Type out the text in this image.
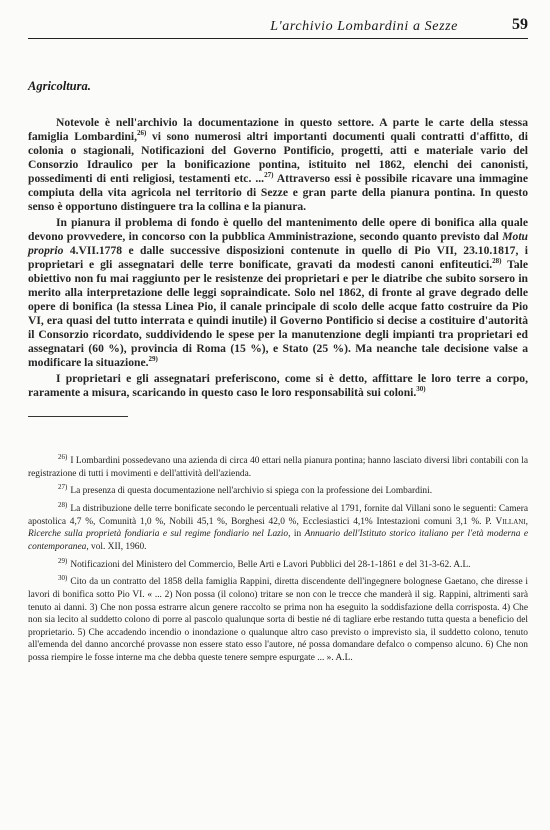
L'archivio Lombardini a Sezze	59
Agricoltura.

Notevole è nell'archivio la documentazione in questo settore. A parte le carte della stessa famiglia Lombardini,$^{26)}$ vi sono numerosi altri importanti documenti quali contratti d'affitto, di colonia o stagionali, Notificazioni del Governo Pontificio, progetti, atti e materiale vario del Consorzio Idraulico per la bonificazione pontina, istituito nel 1862, elenchi dei canonisti, possedimenti di enti religiosi, testamenti etc. ...$^{27)}$ Attraverso essi è possibile ricavare una immagine compiuta della vita agricola nel territorio di Sezze e gran parte della pianura pontina. In questo senso è opportuno distinguere tra la collina e la pianura.

In pianura il problema di fondo è quello del mantenimento delle opere di bonifica alla quale devono provvedere, in concorso con la pubblica Amministrazione, secondo quanto previsto dal Motu proprio 4.VII.1778 e dalle successive disposizioni contenute in quello di Pio VII, 23.10.1817, i proprietari e gli assegnatari delle terre bonificate, gravati da modesti canoni enfiteutici.$^{28)}$ Tale obiettivo non fu mai raggiunto per le resistenze dei proprietari e per le diatribe che subito sorsero in merito alla interpretazione delle leggi sopraindicate. Solo nel 1862, di fronte al grave degrado delle opere di bonifica (la stessa Linea Pio, il canale principale di scolo delle acque fatto costruire da Pio VI, era quasi del tutto interrata e quindi inutile) il Governo Pontificio si decise a costituire d'autorità il Consorzio ricordato, suddividendo le spese per la manutenzione degli impianti tra proprietari ed assegnatari (60 %), provincia di Roma (15 %), e Stato (25 %). Ma neanche tale decisione valse a modificare la situazione.$^{29)}$

I proprietari e gli assegnatari preferiscono, come si è detto, affittare le loro terre a corpo, raramente a misura, scaricando in questo caso le loro responsabilità sui coloni.$^{30)}$

$^{26)}$ I Lombardini possedevano una azienda di circa 40 ettari nella pianura pontina; hanno lasciato diversi libri contabili con la registrazione di tutti i movimenti e dell'attività dell'azienda.

$^{27)}$ La presenza di questa documentazione nell'archivio si spiega con la professione dei Lombardini.

$^{28)}$ La distribuzione delle terre bonificate secondo le percentuali relative al 1791, fornite dal Villani sono le seguenti: Camera apostolica 4,7 %, Comunità 1,0 %, Nobili 45,1 %, Borghesi 42,0 %, Ecclesiastici 4,1% Intestazioni comuni 3,1 %. P. Villani, Ricerche sulla proprietà fondiaria e sul regime fondiario nel Lazio, in Annuario dell'Istituto storico italiano per l'età moderna e contemporanea, vol. XII, 1960.

$^{29)}$ Notificazioni del Ministero del Commercio, Belle Arti e Lavori Pubblici del 28-1-1861 e del 31-3-62. A.L.

$^{30)}$ Cito da un contratto del 1858 della famiglia Rappini, diretta discendente dell'ingegnere bolognese Gaetano, che diresse i lavori di bonifica sotto Pio VI. « ... 2) Non possa (il colono) tritare se non con le trecce che manderà il sig. Rappini, altrimenti sarà tenuto ai danni. 3) Che non possa estrarre alcun genere raccolto se prima non ha eseguito la soddisfazione della corrisposta. 4) Che non sia lecito al suddetto colono di porre al pascolo qualunque sorta di bestie né di tagliare erbe restando tutta questa a beneficio del proprietario. 5) Che accadendo incendio o inondazione o qualunque altro caso previsto o imprevisto sia, il suddetto colono, tenuto all'emenda del danno ancorché provasse non essere stato esso l'autore, né possa domandare defalco o compenso alcuno. 6) Che non possa riempire le fosse interne ma che debba queste tenere sempre espurgate ... ». A.L.
